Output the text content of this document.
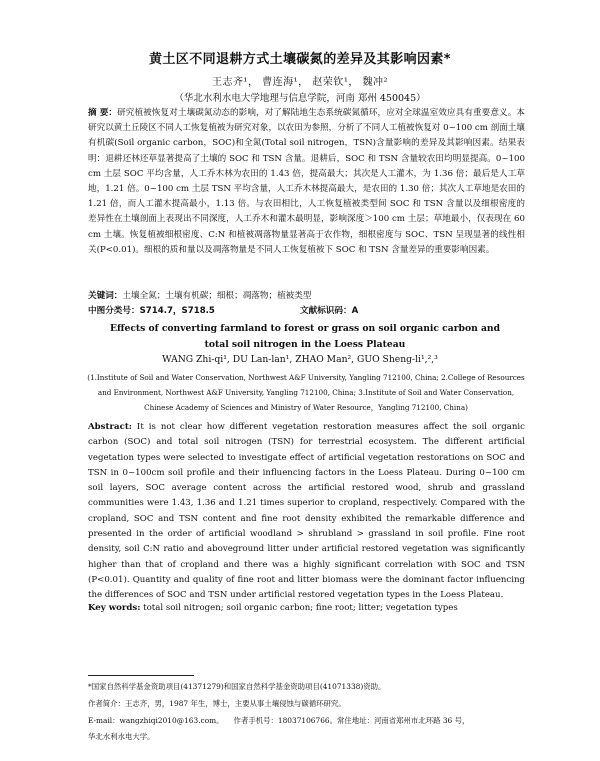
黄土区不同退耕方式土壤碳氮的差异及其影响因素*
王志齐¹， 曹连海¹， 赵荣钦¹， 魏冲²
（华北水利水电大学地理与信息学院，河南 郑州 450045）
摘 要：研究植被恢复对土壤碳氮动态的影响，对了解陆地生态系统碳氮循环，应对全球温室效应具有重要意义。本研究以黄土丘陵区不同人工恢复植被为研究对象，以农田为参照，分析了不同人工植被恢复对 0~100 cm 剖面土壤有机碳(Soil organic carbon，SOC)和全氮(Total soil nitrogen，TSN)含量影响的差异及其影响因素。结果表明：退耕还林还草显著提高了土壤的 SOC 和 TSN 含量。退耕后，SOC 和 TSN 含量较农田均明显提高。0~100 cm 土层 SOC 平均含量，人工乔木林为农田的 1.43 倍，提高最大；其次是人工灌木，为 1.36 倍；最后是人工草地，1.21 倍。0~100 cm 土层 TSN 平均含量，人工乔木林提高最大，是农田的 1.30 倍；其次人工草地是农田的 1.21 倍，而人工灌木提高最小，1.13 倍。与农田相比，人工恢复植被类型间 SOC 和 TSN 含量以及细根密度的差异性在土壤剖面上表现出不同深度，人工乔木和灌木最明显，影响深度＞100 cm 土层；草地最小，仅表现在 60 cm 土壤。恢复植被细根密度、C:N 和植被凋落物量显著高于农作物，细根密度与 SOC、TSN 呈现显著的线性相关(P<0.01)。细根的质和量以及凋落物量是不同人工恢复植被下 SOC 和 TSN 含量差异的重要影响因素。
关键词：土壤全氮；土壤有机碳；细根；凋落物；植被类型
中图分类号：S714.7，S718.5	文献标识码：A
Effects of converting farmland to forest or grass on soil organic carbon and total soil nitrogen in the Loess Plateau
WANG Zhi-qi¹, DU Lan-lan¹, ZHAO Man², GUO Sheng-li¹,²,³
(1.Institute of Soil and Water Conservation, Northwest A&F University, Yangling 712100, China; 2.College of Resources and Environment, Northwest A&F University, Yangling 712100, China; 3.Institute of Soil and Water Conservation, Chinese Academy of Sciences and Ministry of Water Resource，Yangling 712100, China)
Abstract: It is not clear how different vegetation restoration measures affect the soil organic carbon (SOC) and total soil nitrogen (TSN) for terrestrial ecosystem. The different artificial vegetation types were selected to investigate effect of artificial vegetation restorations on SOC and TSN in 0~100cm soil profile and their influencing factors in the Loess Plateau. During 0~100 cm soil layers, SOC average content across the artificial restored wood, shrub and grassland communities were 1.43, 1.36 and 1.21 times superior to cropland, respectively. Compared with the cropland, SOC and TSN content and fine root density exhibited the remarkable difference and presented in the order of artificial woodland > shrubland > grassland in soil profile. Fine root density, soil C:N ratio and aboveground litter under artificial restored vegetation was significantly higher than that of cropland and there was a highly significant correlation with SOC and TSN (P<0.01). Quantity and quality of fine root and litter biomass were the dominant factor influencing the differences of SOC and TSN under artificial restored vegetation types in the Loess Plateau.
Key words: total soil nitrogen; soil organic carbon; fine root; litter; vegetation types
*国家自然科学基金资助项目(41371279)和国家自然科学基金资助项目(41071338)资助。
作者简介：王志齐，男，1987 年生，博士，主要从事土壤侵蚀与碳循环研究。
E-mail：wangzhiqi2010@163.com。 作者手机号：18037106766。常住地址：河南省郑州市北环路 36 号，
华北水利水电大学。
